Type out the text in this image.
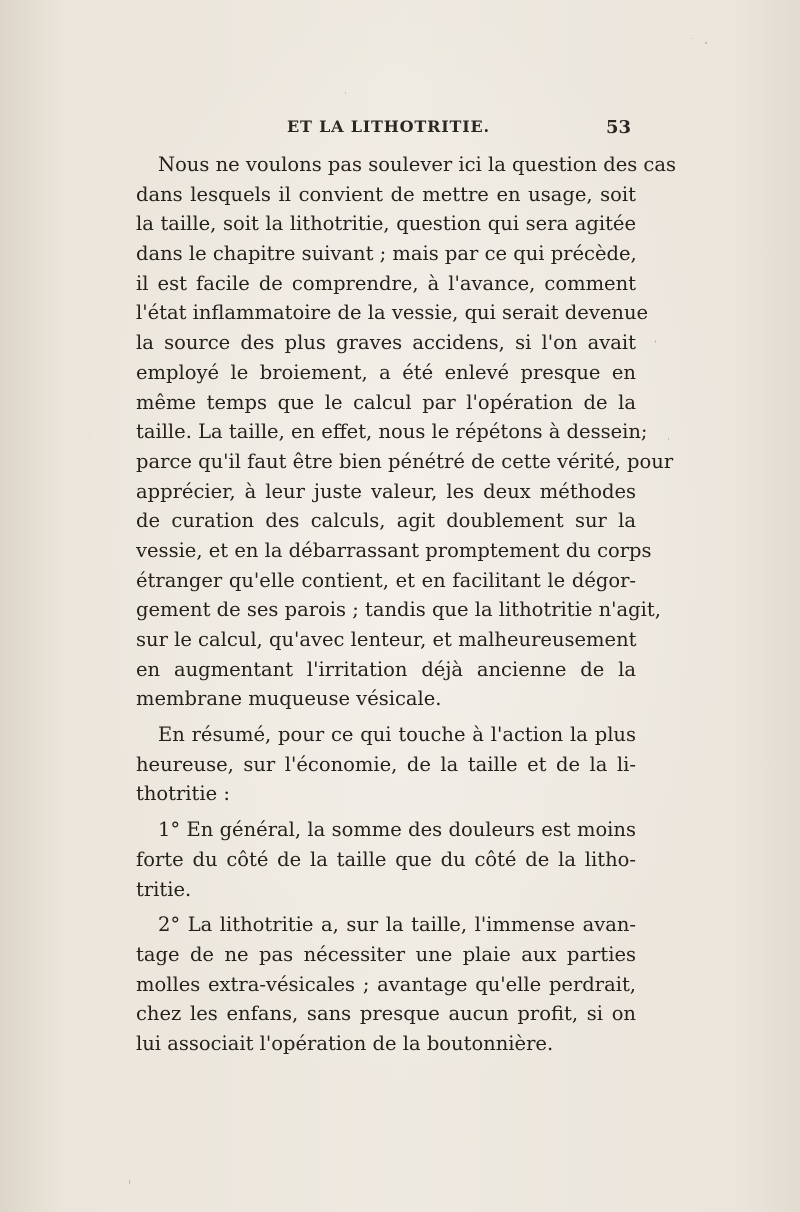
ET LA LITHOTRITIE.	53
Nous ne voulons pas soulever ici la question des cas
dans lesquels il convient de mettre en usage, soit
la taille, soit la lithotritie, question qui sera agitée
dans le chapitre suivant ; mais par ce qui précède,
il est facile de comprendre, à l'avance, comment
l'état inflammatoire de la vessie, qui serait devenue
la source des plus graves accidens, si l'on avait
employé le broiement, a été enlevé presque en
même temps que le calcul par l'opération de la
taille. La taille, en effet, nous le répétons à dessein;
parce qu'il faut être bien pénétré de cette vérité, pour
apprécier, à leur juste valeur, les deux méthodes
de curation des calculs, agit doublement sur la
vessie, et en la débarrassant promptement du corps
étranger qu'elle contient, et en facilitant le dégor-
gement de ses parois ; tandis que la lithotritie n'agit,
sur le calcul, qu'avec lenteur, et malheureusement
en augmentant l'irritation déjà ancienne de la
membrane muqueuse vésicale.
En résumé, pour ce qui touche à l'action la plus
heureuse, sur l'économie, de la taille et de la li-
thotritie :
1° En général, la somme des douleurs est moins
forte du côté de la taille que du côté de la litho-
tritie.
2° La lithotritie a, sur la taille, l'immense avan-
tage de ne pas nécessiter une plaie aux parties
molles extra-vésicales ; avantage qu'elle perdrait,
chez les enfans, sans presque aucun profit, si on
lui associait l'opération de la boutonnière.
